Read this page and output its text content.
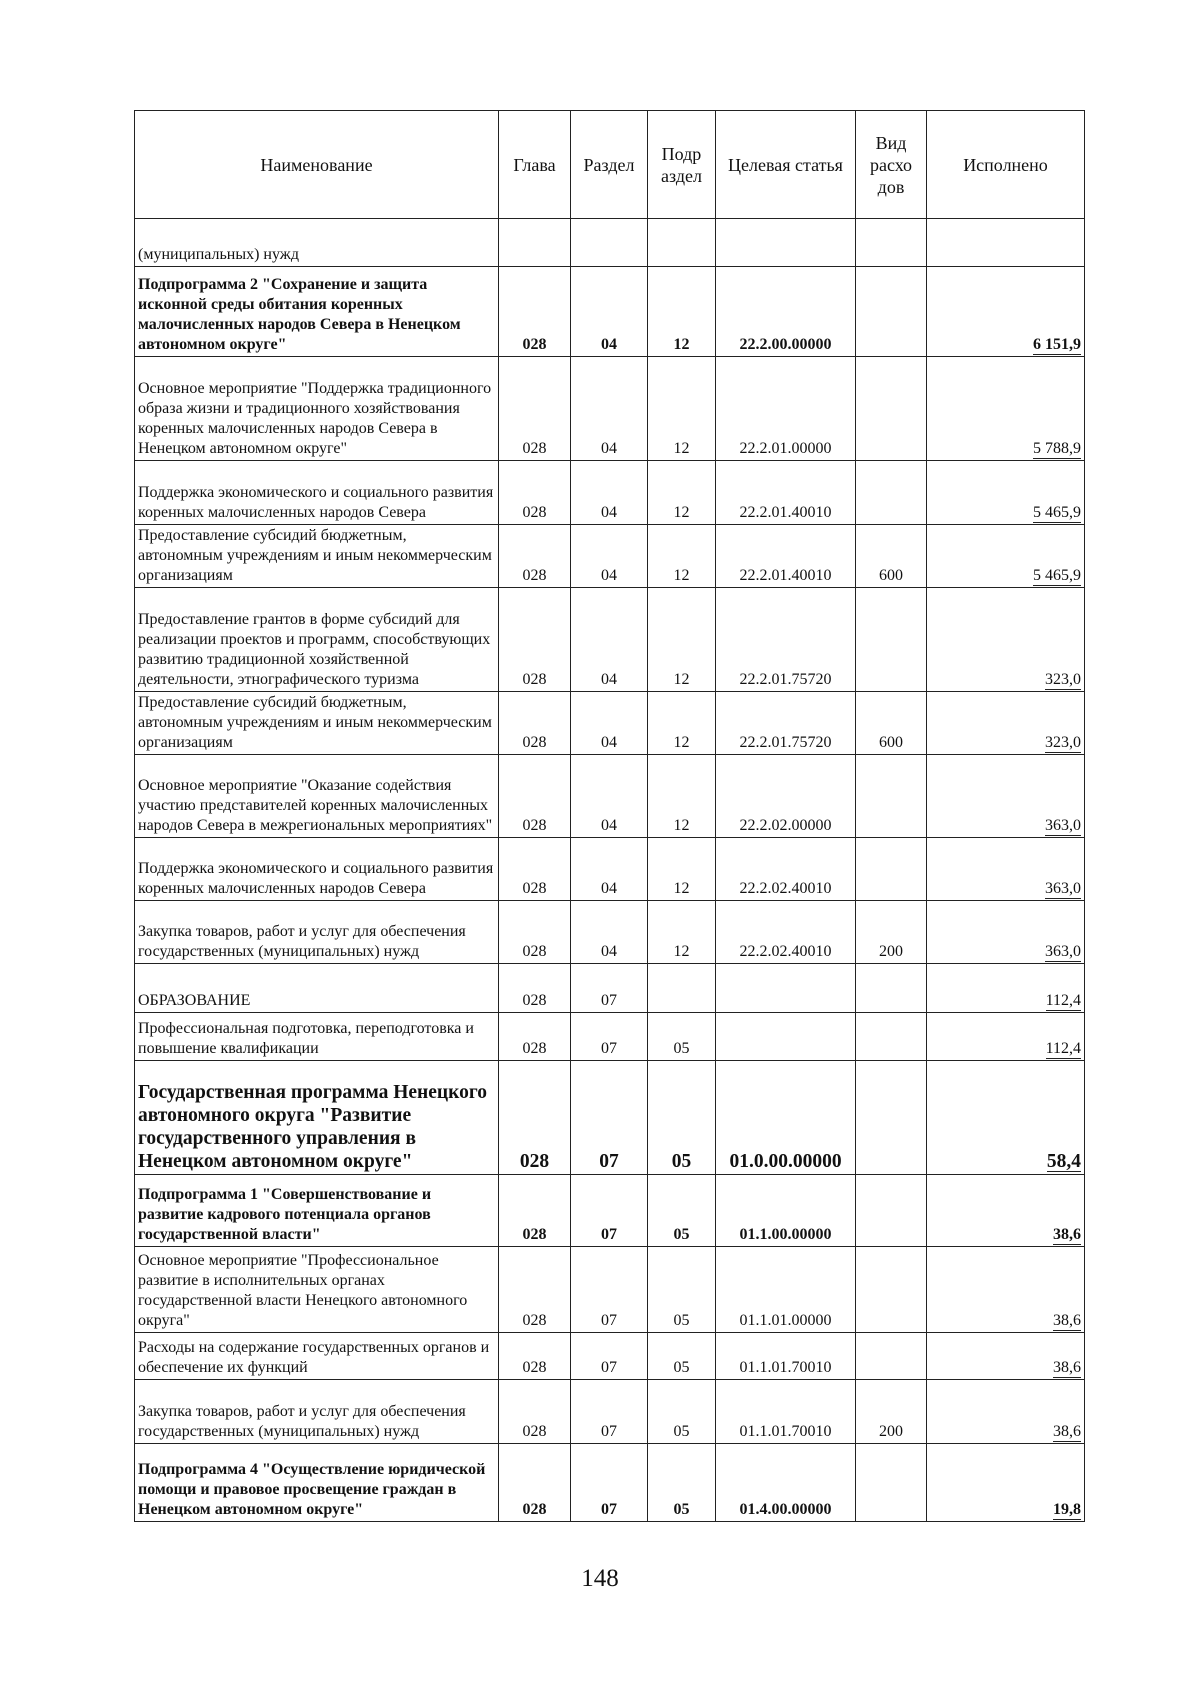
Наименование	Глава	Раздел	Подр аздел	Целевая статья	Вид расхо дов	Исполнено
(муниципальных) нужд						
Подпрограмма 2 "Сохранение и защита исконной среды обитания коренных малочисленных народов Севера в Ненецком автономном округе"	028	04	12	22.2.00.00000		6 151,9
Основное мероприятие "Поддержка традиционного образа жизни и традиционного хозяйствования коренных малочисленных народов Севера в Ненецком автономном округе"	028	04	12	22.2.01.00000		5 788,9
Поддержка экономического и социального развития коренных малочисленных народов Севера	028	04	12	22.2.01.40010		5 465,9
Предоставление субсидий бюджетным, автономным учреждениям и иным некоммерческим организациям	028	04	12	22.2.01.40010	600	5 465,9
Предоставление грантов в форме субсидий для реализации проектов и программ, способствующих развитию традиционной хозяйственной деятельности, этнографического туризма	028	04	12	22.2.01.75720		323,0
Предоставление субсидий бюджетным, автономным учреждениям и иным некоммерческим организациям	028	04	12	22.2.01.75720	600	323,0
Основное мероприятие "Оказание содействия участию представителей коренных малочисленных народов Севера в межрегиональных мероприятиях"	028	04	12	22.2.02.00000		363,0
Поддержка экономического и социального развития коренных малочисленных народов Севера	028	04	12	22.2.02.40010		363,0
Закупка товаров, работ и услуг для обеспечения государственных (муниципальных) нужд	028	04	12	22.2.02.40010	200	363,0
ОБРАЗОВАНИЕ	028	07				112,4
Профессиональная подготовка, переподготовка и повышение квалификации	028	07	05			112,4
Государственная программа Ненецкого автономного округа "Развитие государственного управления в Ненецком автономном округе"	028	07	05	01.0.00.00000		58,4
Подпрограмма 1 "Совершенствование и развитие кадрового потенциала органов государственной власти"	028	07	05	01.1.00.00000		38,6
Основное мероприятие "Профессиональное развитие в исполнительных органах государственной власти Ненецкого автономного округа"	028	07	05	01.1.01.00000		38,6
Расходы на содержание государственных органов и обеспечение их функций	028	07	05	01.1.01.70010		38,6
Закупка товаров, работ и услуг для обеспечения государственных (муниципальных) нужд	028	07	05	01.1.01.70010	200	38,6
Подпрограмма 4 "Осуществление юридической помощи и правовое просвещение граждан в Ненецком автономном округе"	028	07	05	01.4.00.00000		19,8
148
